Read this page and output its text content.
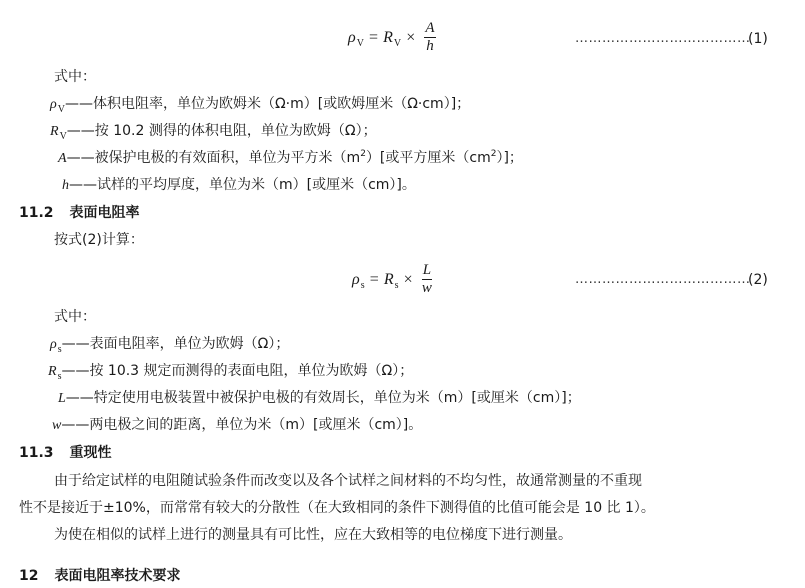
$\rho_V = R_V \times \frac{A}{h}$	…………………………………
(1)
式中：
$\rho_V——$体积电阻率，单位为欧姆米（Ω·m）[或欧姆厘米（Ω·cm）]；
$R_V——$按 10.2 测得的体积电阻，单位为欧姆（Ω）；
A——被保护电极的有效面积，单位为平方米$(m^2)$[或平方厘米$(cm^2)$]；
h——试样的平均厚度，单位为米（m）[或厘米（cm）]。
11.2 表面电阻率
按式(2)计算：
$\rho_s = R_s \times \frac{L}{w}$	…………………………………
(2)
式中：
$\rho_s——$表面电阻率，单位为欧姆（Ω）；
$R_s——$按 10.3 规定而测得的表面电阻，单位为欧姆（Ω）；
L——特定使用电极装置中被保护电极的有效周长，单位为米（m）[或厘米（cm）]；
w——两电极之间的距离，单位为米（m）[或厘米（cm）]。
11.3 重现性
由于给定试样的电阻随试验条件而改变以及各个试样之间材料的不均匀性，故通常测量的不重现
性不是接近于±10%，而常常有较大的分散性（在大致相同的条件下测得值的比值可能会是 10 比 1）。
为使在相似的试样上进行的测量具有可比性，应在大致相等的电位梯度下进行测量。
12 表面电阻率技术要求
